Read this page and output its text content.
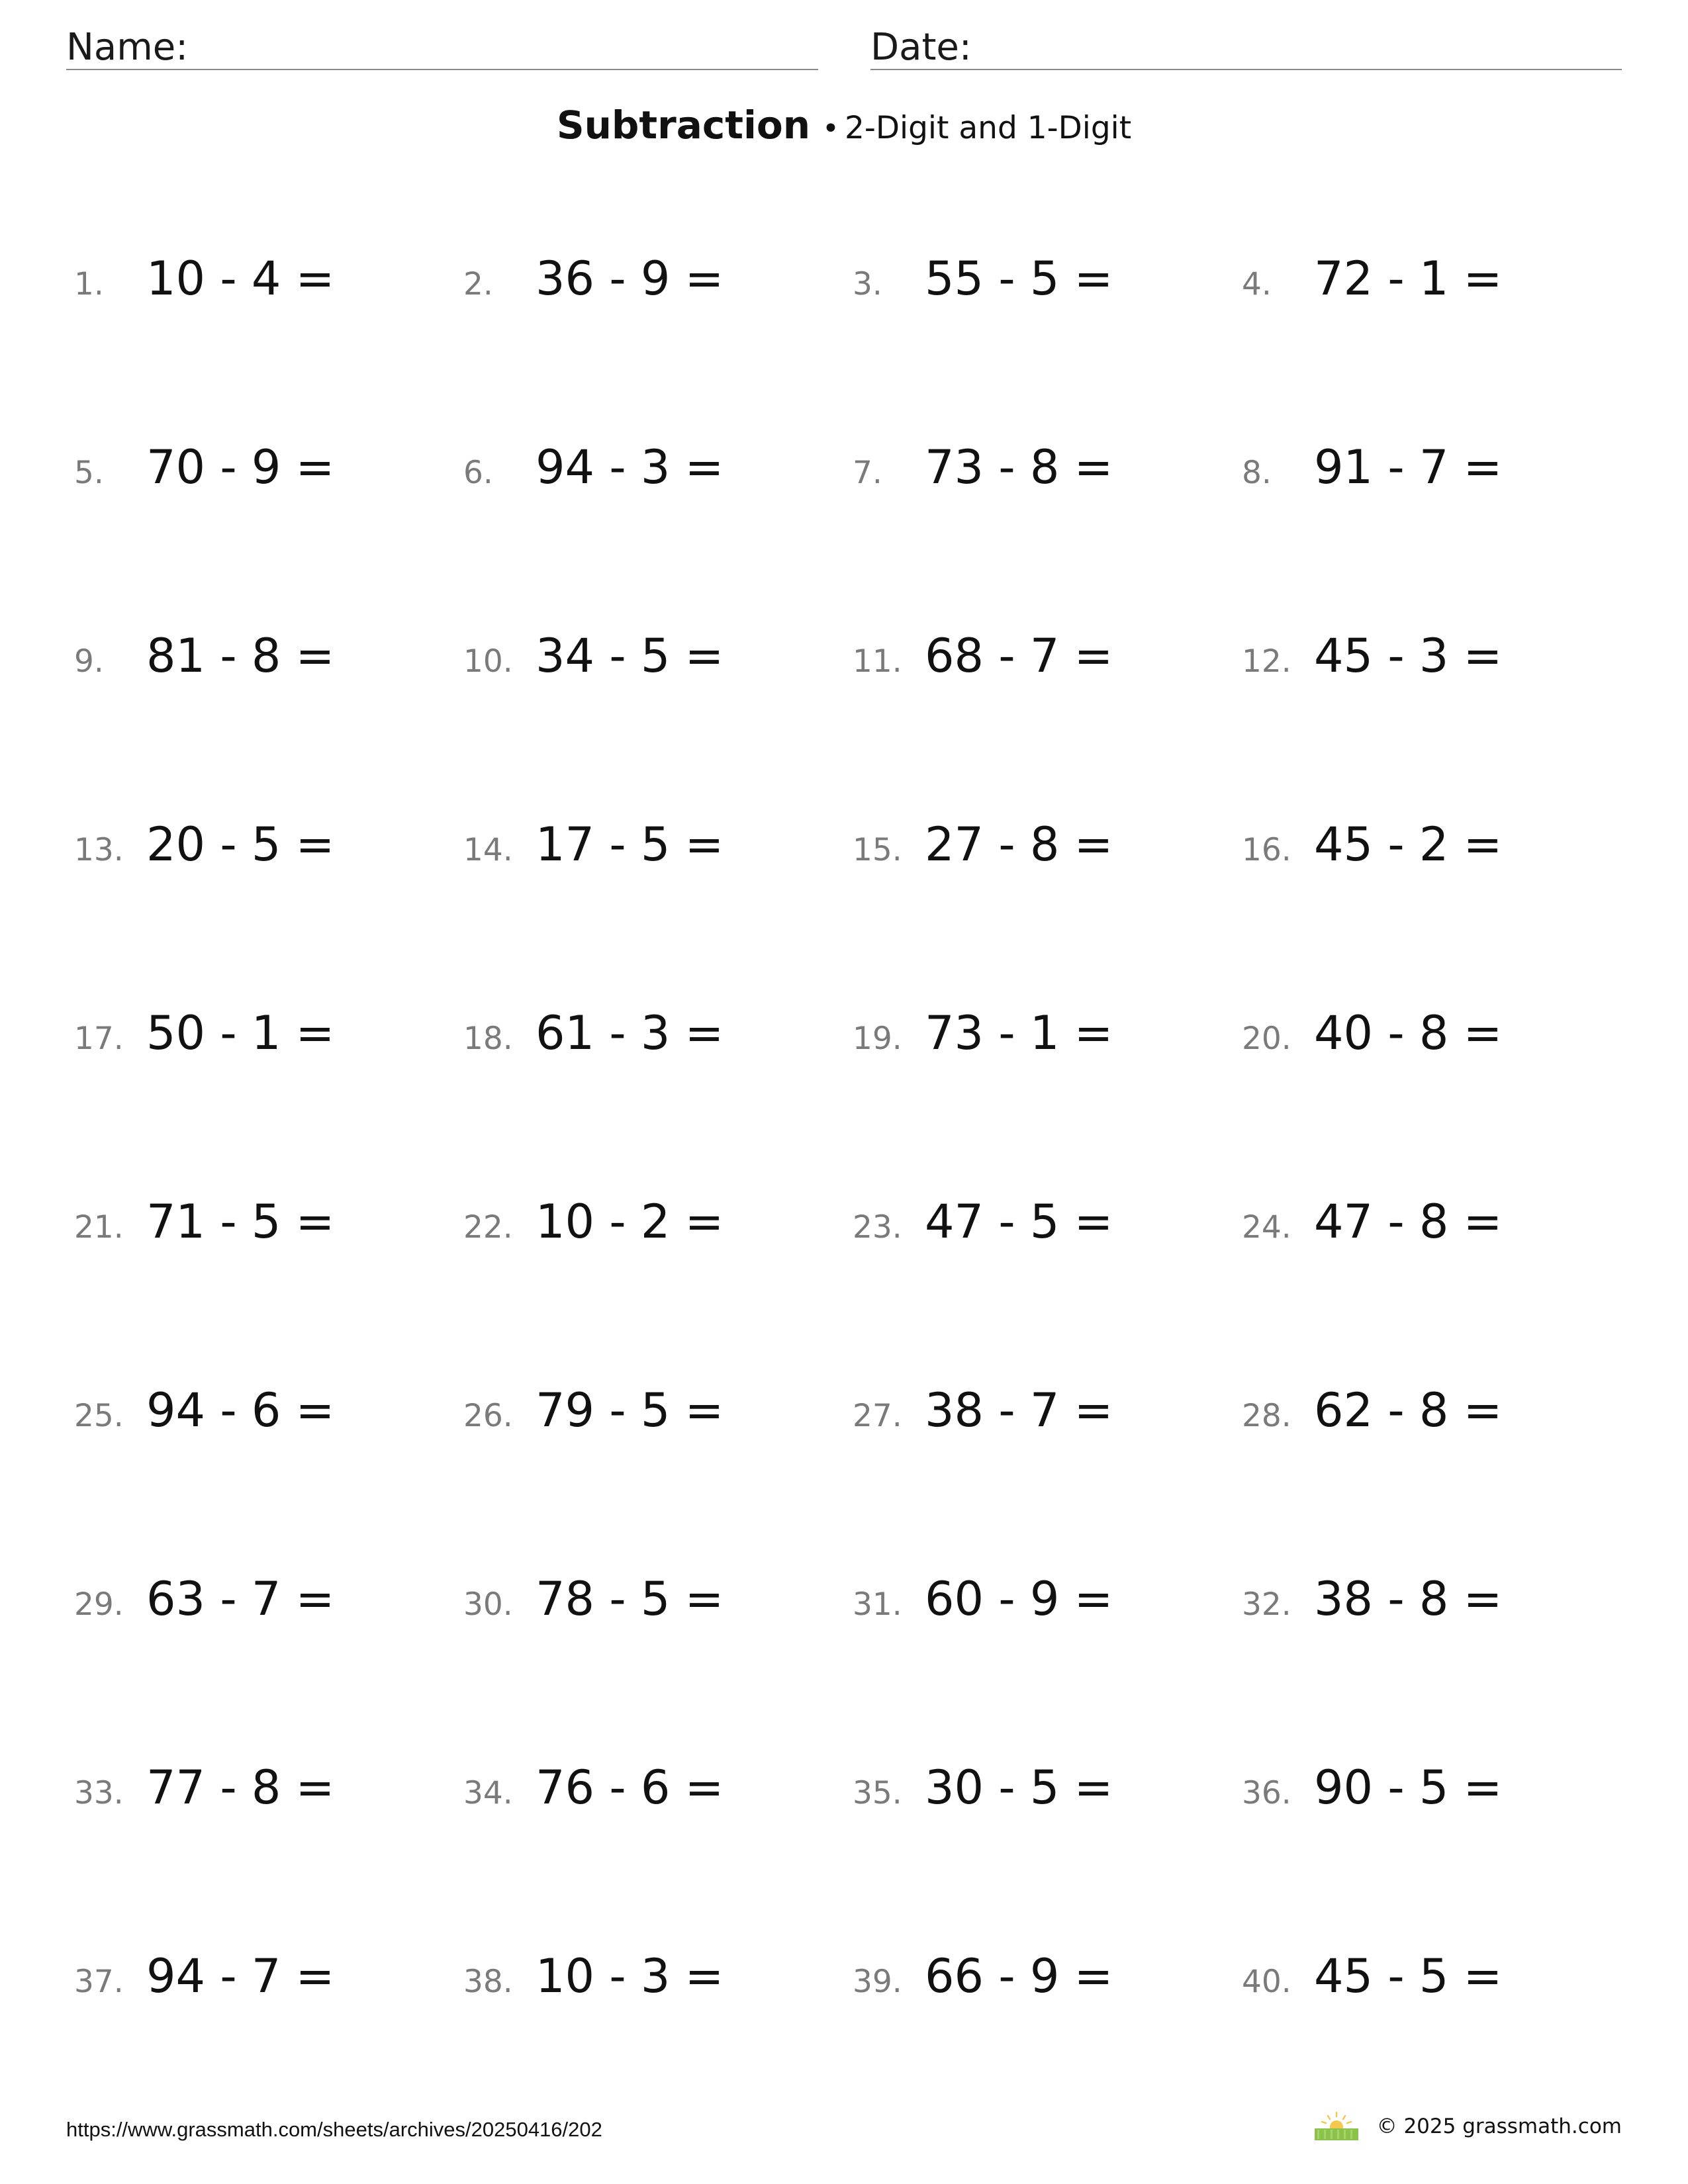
Name:	Date:
Subtraction • 2-Digit and 1-Digit
1. 10 - 4 =	2. 36 - 9 =	3. 55 - 5 =	4. 72 - 1 =
5. 70 - 9 =	6. 94 - 3 =	7. 73 - 8 =	8. 91 - 7 =
9. 81 - 8 =	10. 34 - 5 =	11. 68 - 7 =	12. 45 - 3 =
13. 20 - 5 =	14. 17 - 5 =	15. 27 - 8 =	16. 45 - 2 =
17. 50 - 1 =	18. 61 - 3 =	19. 73 - 1 =	20. 40 - 8 =
21. 71 - 5 =	22. 10 - 2 =	23. 47 - 5 =	24. 47 - 8 =
25. 94 - 6 =	26. 79 - 5 =	27. 38 - 7 =	28. 62 - 8 =
29. 63 - 7 =	30. 78 - 5 =	31. 60 - 9 =	32. 38 - 8 =
33. 77 - 8 =	34. 76 - 6 =	35. 30 - 5 =	36. 90 - 5 =
37. 94 - 7 =	38. 10 - 3 =	39. 66 - 9 =	40. 45 - 5 =
https://www.grassmath.com/sheets/archives/20250416/202	© 2025 grassmath.com
